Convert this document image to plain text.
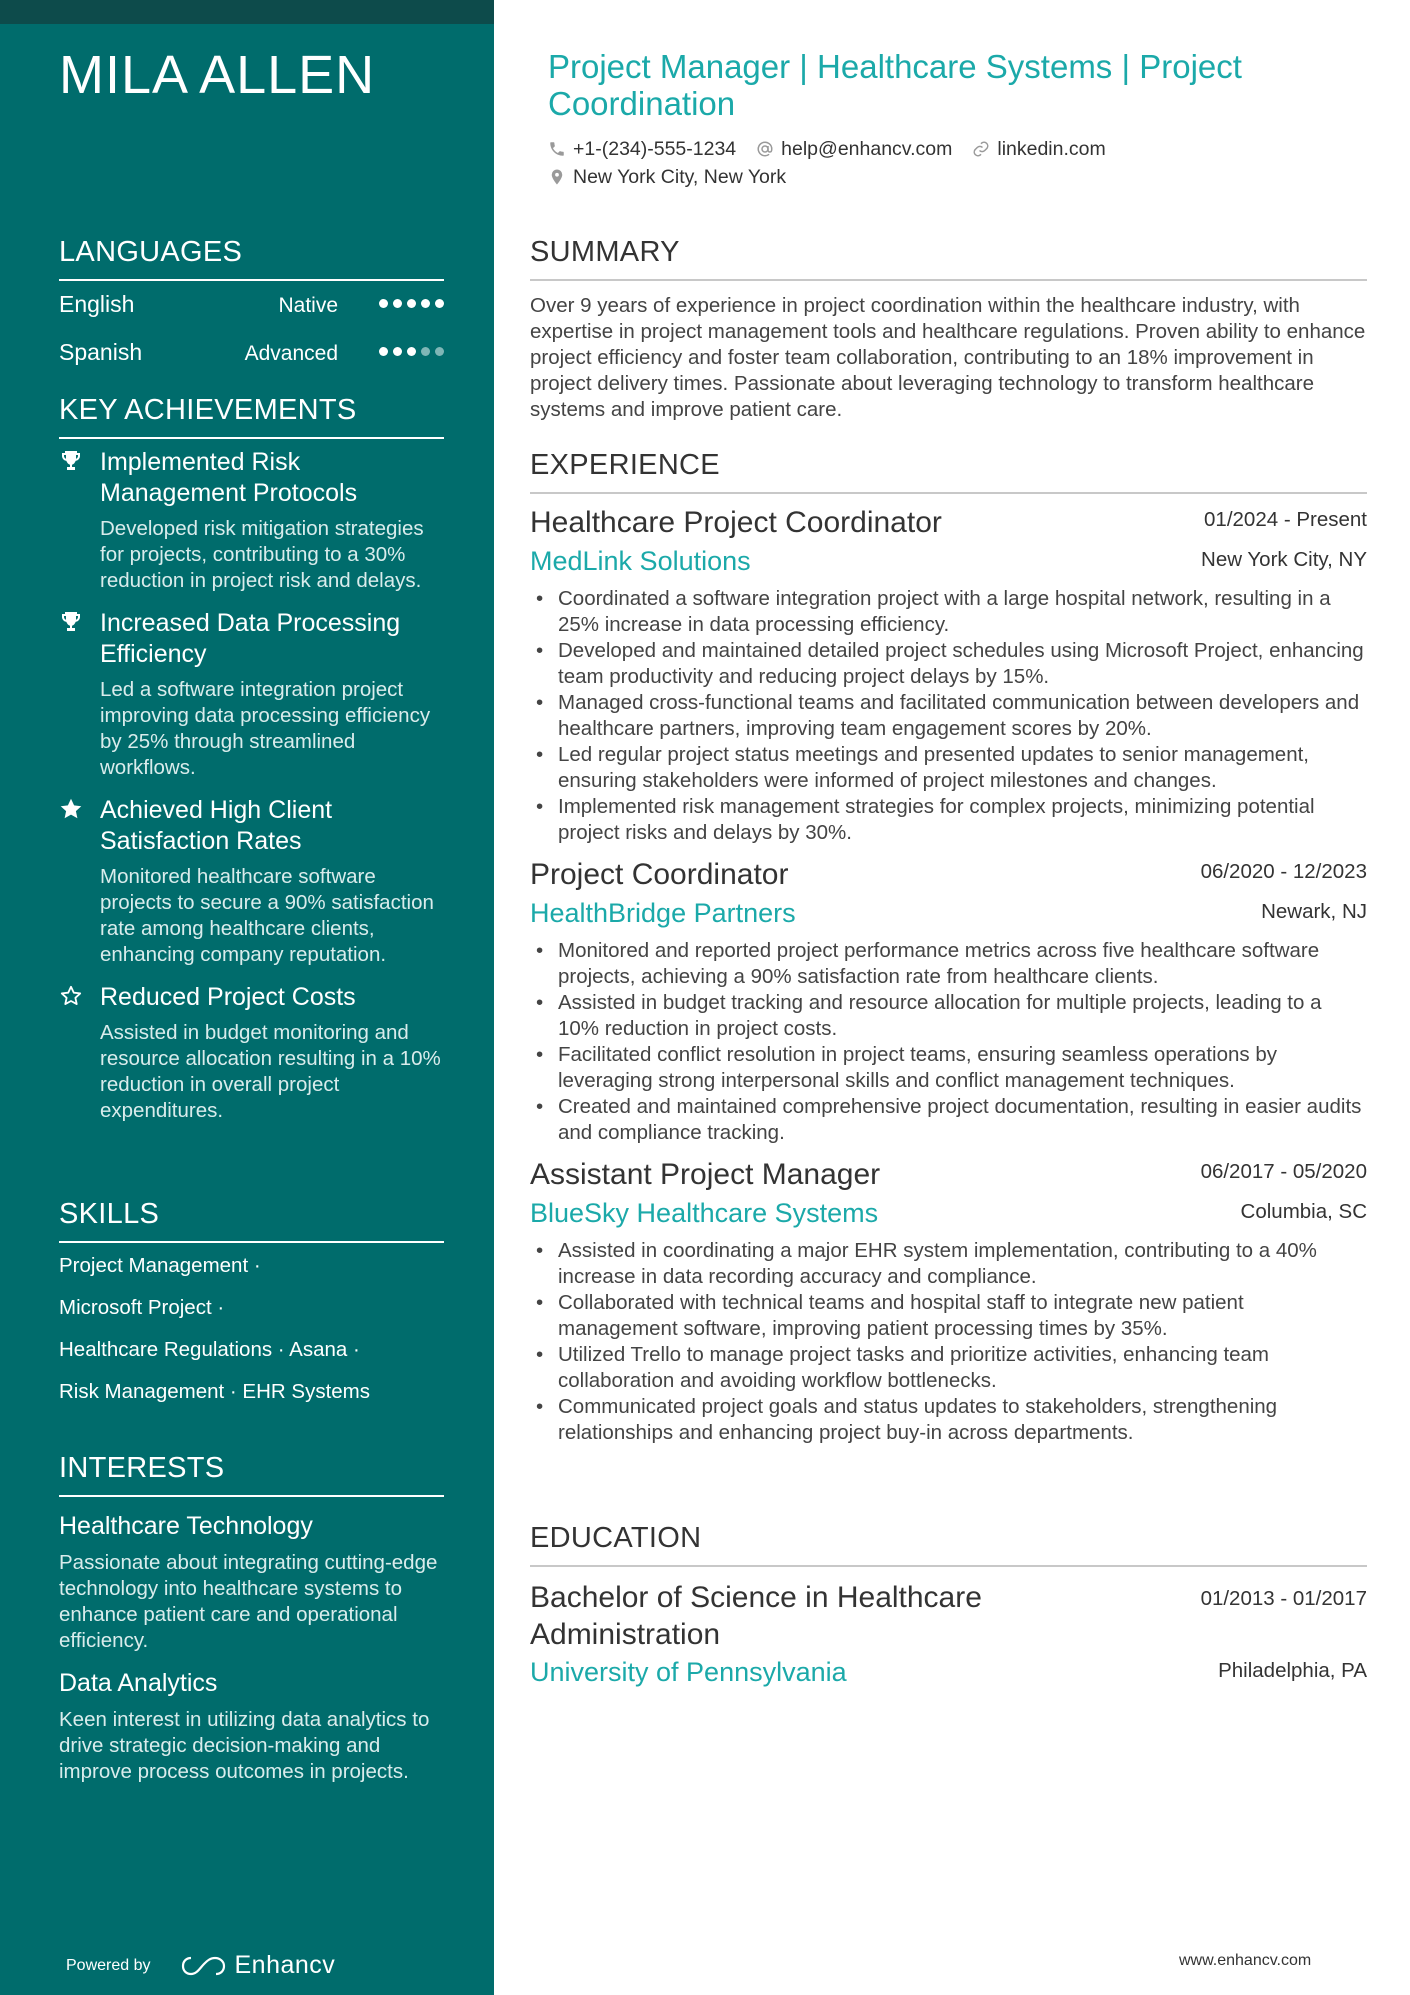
MILA ALLEN
LANGUAGES
English	Native
Spanish	Advanced
KEY ACHIEVEMENTS
Implemented Risk Management Protocols
Developed risk mitigation strategies for projects, contributing to a 30% reduction in project risk and delays.
Increased Data Processing Efficiency
Led a software integration project improving data processing efficiency by 25% through streamlined workflows.
Achieved High Client Satisfaction Rates
Monitored healthcare software projects to secure a 90% satisfaction rate among healthcare clients, enhancing company reputation.
Reduced Project Costs
Assisted in budget monitoring and resource allocation resulting in a 10% reduction in overall project expenditures.
SKILLS
Project Management ·
Microsoft Project ·
Healthcare Regulations · Asana ·
Risk Management · EHR Systems
INTERESTS
Healthcare Technology
Passionate about integrating cutting-edge technology into healthcare systems to enhance patient care and operational efficiency.
Data Analytics
Keen interest in utilizing data analytics to drive strategic decision-making and improve process outcomes in projects.
Powered by	Enhancv
Project Manager | Healthcare Systems | Project Coordination
+1-(234)-555-1234 help@enhancv.com linkedin.com
New York City, New York
SUMMARY
Over 9 years of experience in project coordination within the healthcare industry, with expertise in project management tools and healthcare regulations. Proven ability to enhance project efficiency and foster team collaboration, contributing to an 18% improvement in project delivery times. Passionate about leveraging technology to transform healthcare systems and improve patient care.
EXPERIENCE
Healthcare Project Coordinator	01/2024 - Present
MedLink Solutions	New York City, NY
• Coordinated a software integration project with a large hospital network, resulting in a 25% increase in data processing efficiency.
• Developed and maintained detailed project schedules using Microsoft Project, enhancing team productivity and reducing project delays by 15%.
• Managed cross-functional teams and facilitated communication between developers and healthcare partners, improving team engagement scores by 20%.
• Led regular project status meetings and presented updates to senior management, ensuring stakeholders were informed of project milestones and changes.
• Implemented risk management strategies for complex projects, minimizing potential project risks and delays by 30%.
Project Coordinator	06/2020 - 12/2023
HealthBridge Partners	Newark, NJ
• Monitored and reported project performance metrics across five healthcare software projects, achieving a 90% satisfaction rate from healthcare clients.
• Assisted in budget tracking and resource allocation for multiple projects, leading to a 10% reduction in project costs.
• Facilitated conflict resolution in project teams, ensuring seamless operations by leveraging strong interpersonal skills and conflict management techniques.
• Created and maintained comprehensive project documentation, resulting in easier audits and compliance tracking.
Assistant Project Manager	06/2017 - 05/2020
BlueSky Healthcare Systems	Columbia, SC
• Assisted in coordinating a major EHR system implementation, contributing to a 40% increase in data recording accuracy and compliance.
• Collaborated with technical teams and hospital staff to integrate new patient management software, improving patient processing times by 35%.
• Utilized Trello to manage project tasks and prioritize activities, enhancing team collaboration and avoiding workflow bottlenecks.
• Communicated project goals and status updates to stakeholders, strengthening relationships and enhancing project buy-in across departments.
EDUCATION
Bachelor of Science in Healthcare Administration
01/2013 - 01/2017
University of Pennsylvania	Philadelphia, PA
www.enhancv.com
